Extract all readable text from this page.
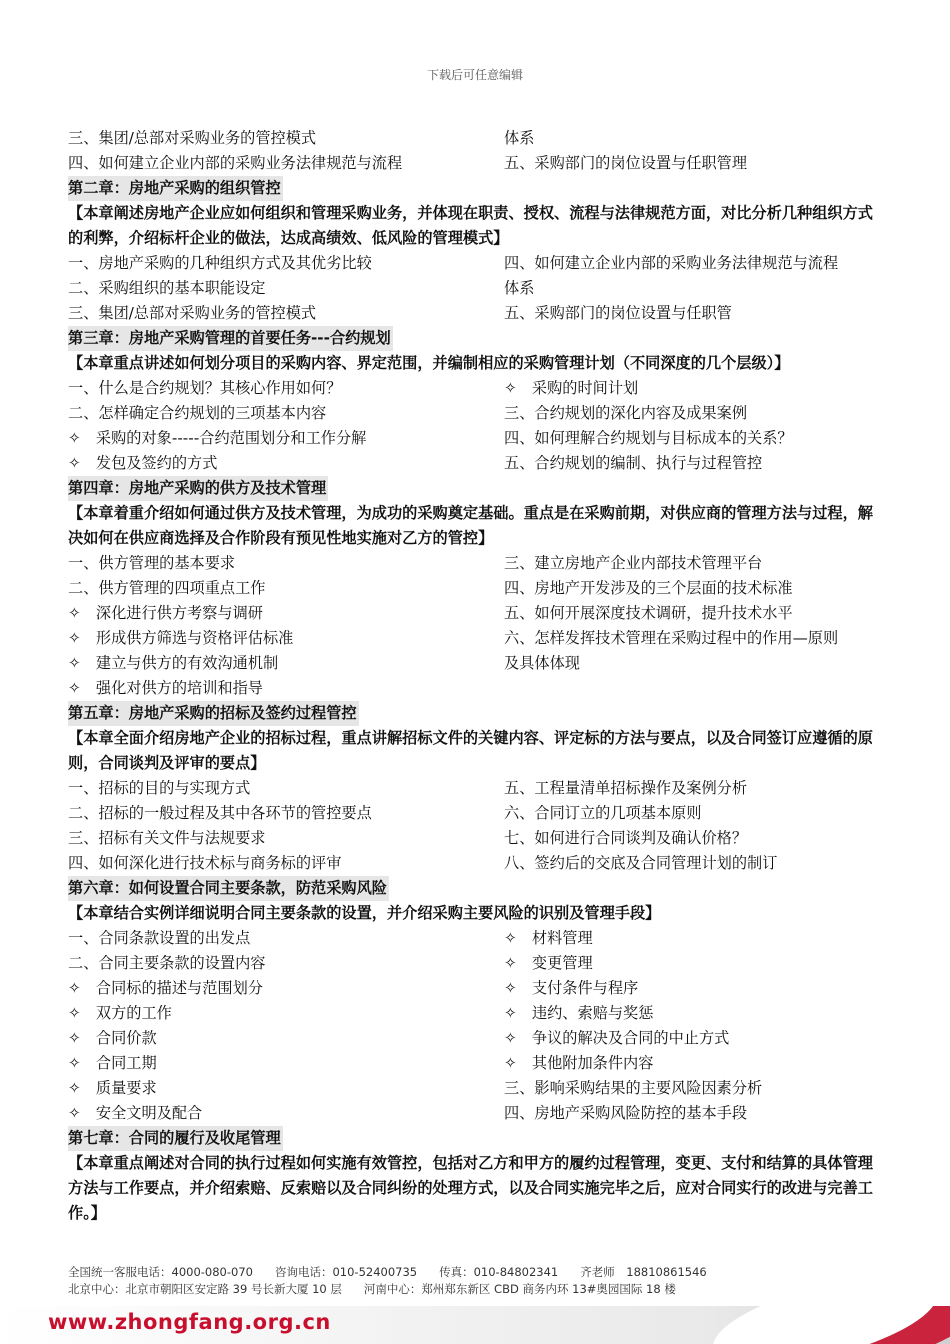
下载后可任意编辑
三、集团/总部对采购业务的管控模式	体系
四、如何建立企业内部的采购业务法律规范与流程	五、采购部门的岗位设置与任职管理
第二章：房地产采购的组织管控
【本章阐述房地产企业应如何组织和管理采购业务，并体现在职责、授权、流程与法律规范方面，对比分析几种组织方式的利弊，介绍标杆企业的做法，达成高绩效、低风险的管理模式】
一、房地产采购的几种组织方式及其优劣比较	四、如何建立企业内部的采购业务法律规范与流程
二、采购组织的基本职能设定	体系
三、集团/总部对采购业务的管控模式	五、采购部门的岗位设置与任职管
第三章：房地产采购管理的首要任务---合约规划
【本章重点讲述如何划分项目的采购内容、界定范围，并编制相应的采购管理计划（不同深度的几个层级）】
一、什么是合约规划？其核心作用如何？	✧　采购的时间计划
二、怎样确定合约规划的三项基本内容	三、合约规划的深化内容及成果案例
✧　采购的对象-----合约范围划分和工作分解	四、如何理解合约规划与目标成本的关系？
✧　发包及签约的方式	五、合约规划的编制、执行与过程管控
第四章：房地产采购的供方及技术管理
【本章着重介绍如何通过供方及技术管理，为成功的采购奠定基础。重点是在采购前期，对供应商的管理方法与过程，解决如何在供应商选择及合作阶段有预见性地实施对乙方的管控】
一、供方管理的基本要求	三、建立房地产企业内部技术管理平台
二、供方管理的四项重点工作	四、房地产开发涉及的三个层面的技术标准
✧　深化进行供方考察与调研	五、如何开展深度技术调研，提升技术水平
✧　形成供方筛选与资格评估标准	六、怎样发挥技术管理在采购过程中的作用—原则
✧　建立与供方的有效沟通机制	及具体体现
✧　强化对供方的培训和指导
第五章：房地产采购的招标及签约过程管控
【本章全面介绍房地产企业的招标过程，重点讲解招标文件的关键内容、评定标的方法与要点，以及合同签订应遵循的原则，合同谈判及评审的要点】
一、招标的目的与实现方式	五、工程量清单招标操作及案例分析
二、招标的一般过程及其中各环节的管控要点	六、合同订立的几项基本原则
三、招标有关文件与法规要求	七、如何进行合同谈判及确认价格？
四、如何深化进行技术标与商务标的评审	八、签约后的交底及合同管理计划的制订
第六章：如何设置合同主要条款，防范采购风险
【本章结合实例详细说明合同主要条款的设置，并介绍采购主要风险的识别及管理手段】
一、合同条款设置的出发点	✧　材料管理
二、合同主要条款的设置内容	✧　变更管理
✧　合同标的描述与范围划分	✧　支付条件与程序
✧　双方的工作	✧　违约、索赔与奖惩
✧　合同价款	✧　争议的解决及合同的中止方式
✧　合同工期	✧　其他附加条件内容
✧　质量要求	三、影响采购结果的主要风险因素分析
✧　安全文明及配合	四、房地产采购风险防控的基本手段
第七章：合同的履行及收尾管理
【本章重点阐述对合同的执行过程如何实施有效管控，包括对乙方和甲方的履约过程管理，变更、支付和结算的具体管理方法与工作要点，并介绍索赔、反索赔以及合同纠纷的处理方式，以及合同实施完毕之后，应对合同实行的改进与完善工作。】
全国统一客服电话：4000-080-070 咨询电话：010-52400735 传真：010-84802341 齐老师　18810861546
北京中心：北京市朝阳区安定路 39 号长新大厦 10 层 河南中心：郑州郑东新区 CBD 商务内环 13#奥园国际 18 楼
www.zhongfang.org.cn
